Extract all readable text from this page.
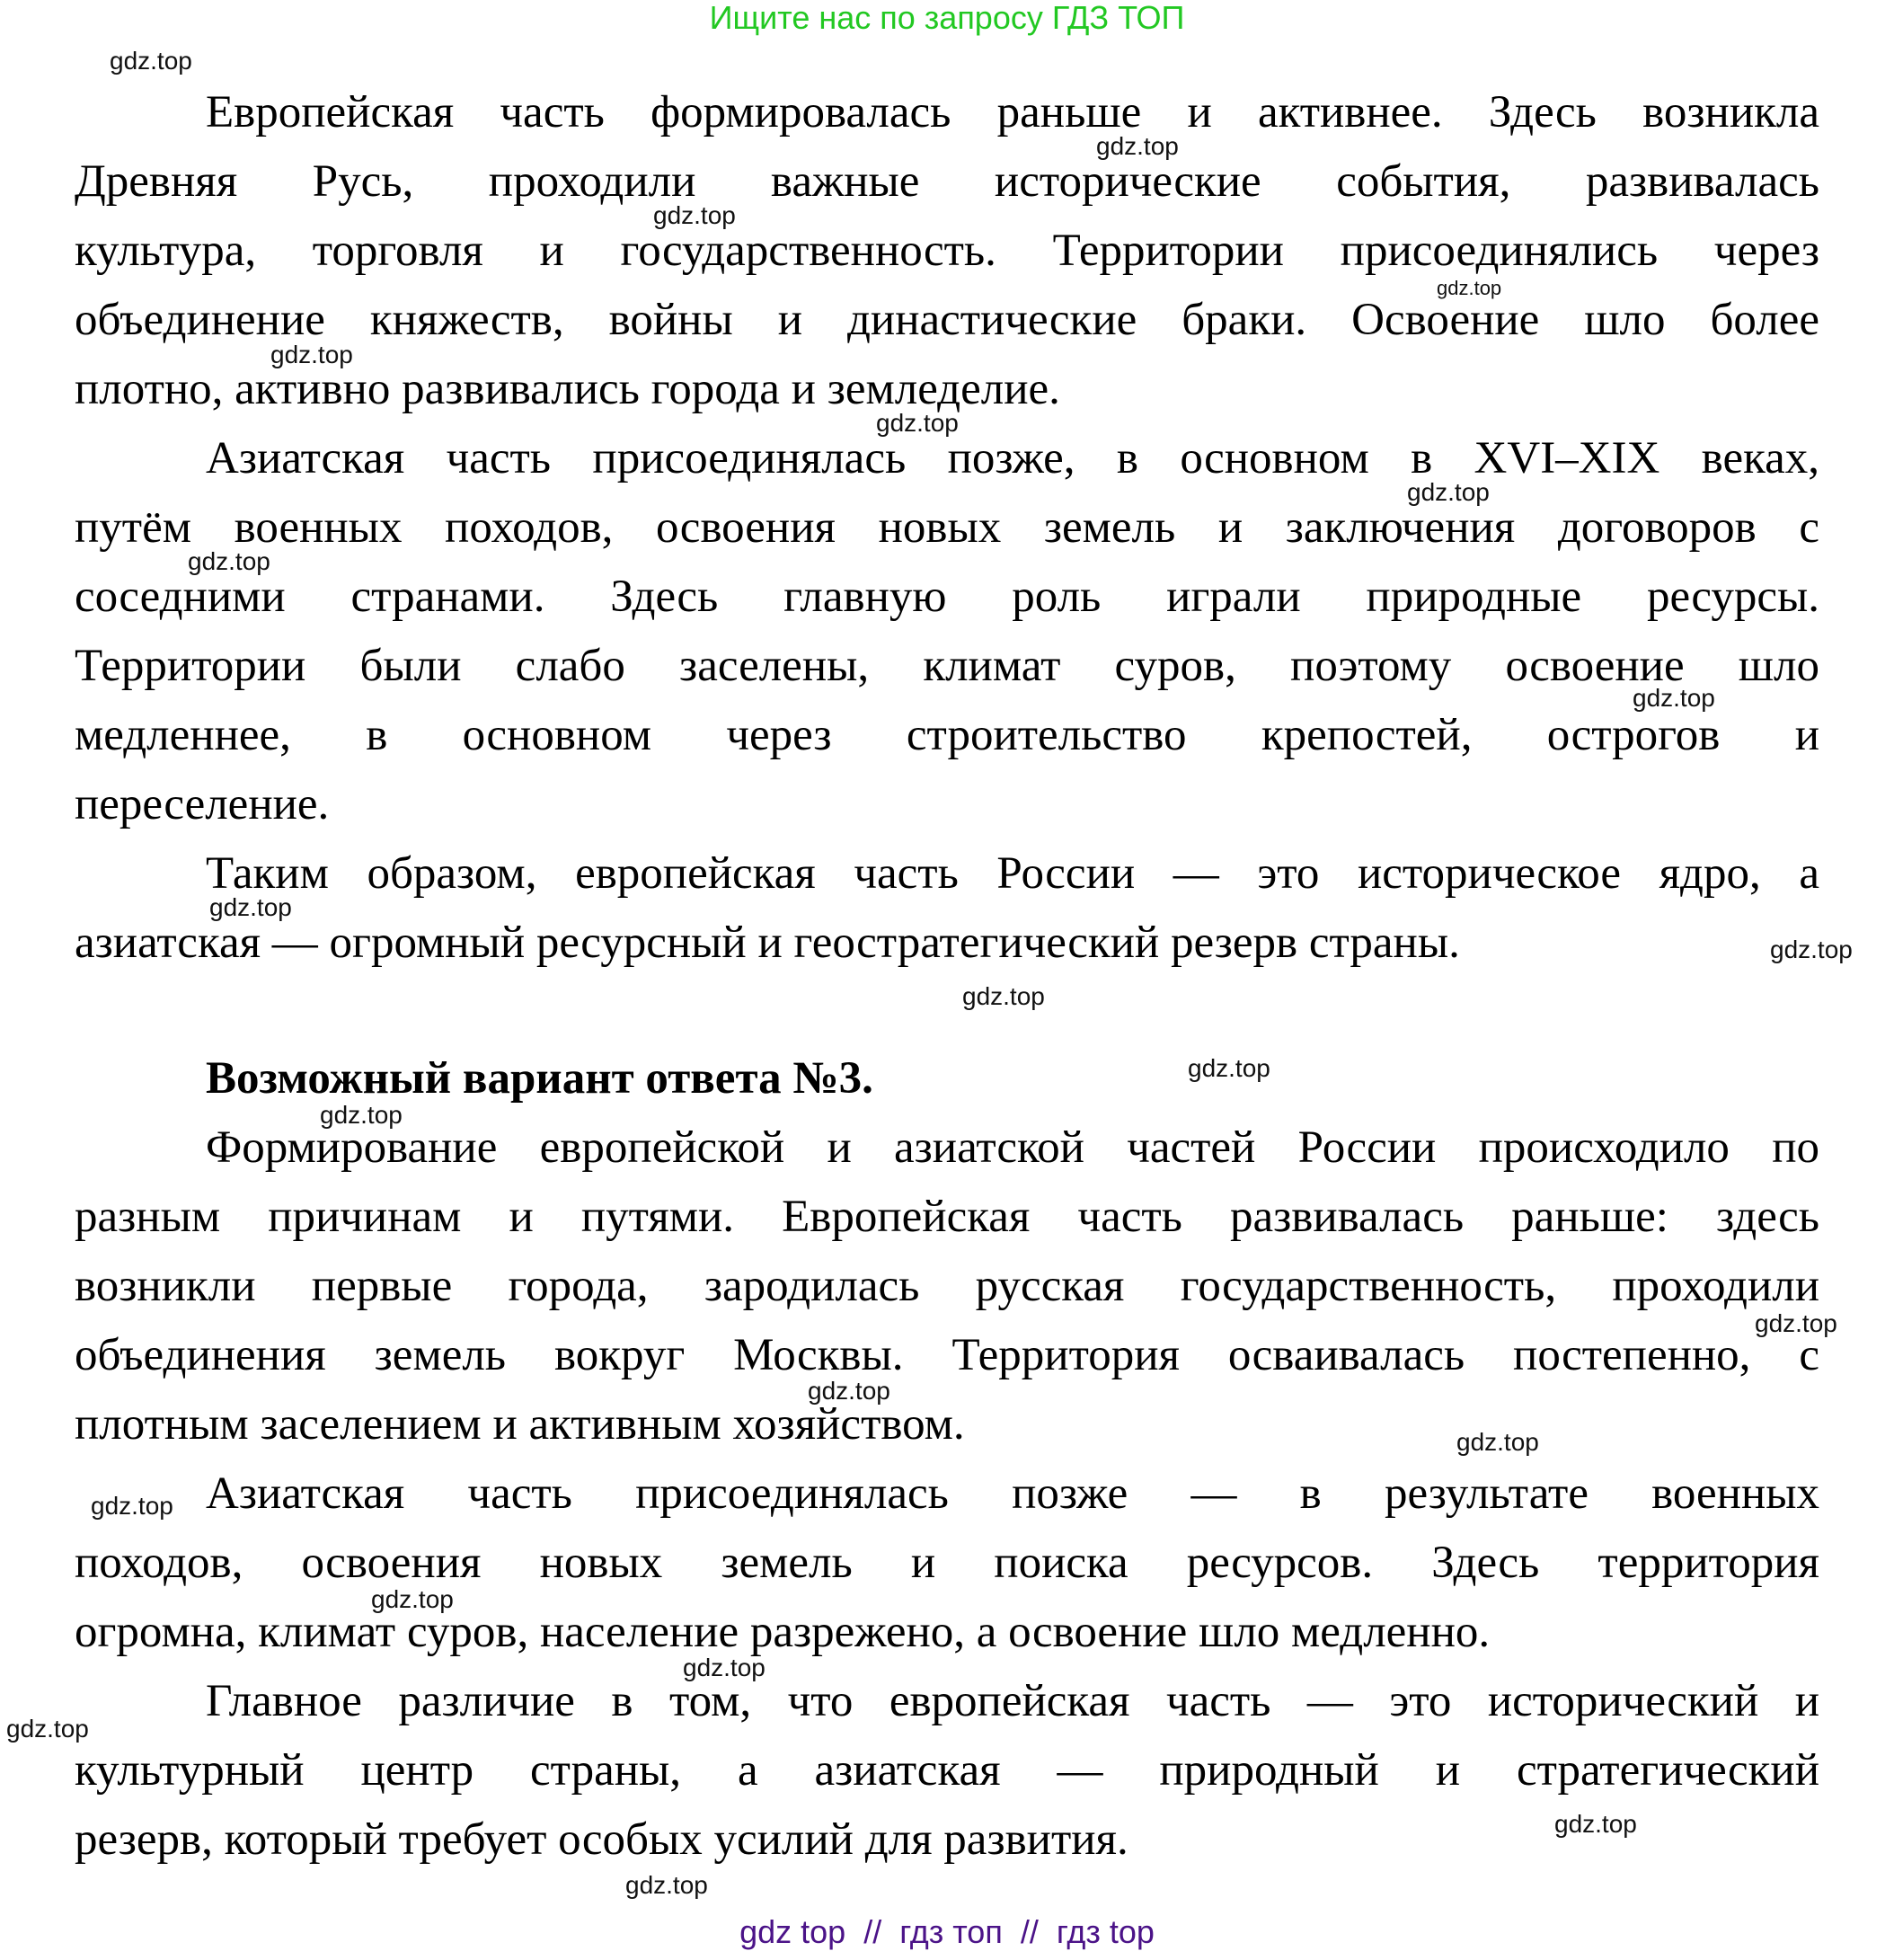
Ищите нас по запросу ГДЗ ТОП
Европейская часть формировалась раньше и активнее. Здесь возникла
Древняя Русь, проходили важные исторические события, развивалась
культура, торговля и государственность. Территории присоединялись через
объединение княжеств, войны и династические браки. Освоение шло более
плотно, активно развивались города и земледелие.
Азиатская часть присоединялась позже, в основном в XVI–XIX веках,
путём военных походов, освоения новых земель и заключения договоров с
соседними странами. Здесь главную роль играли природные ресурсы.
Территории были слабо заселены, климат суров, поэтому освоение шло
медленнее, в основном через строительство крепостей, острогов и
переселение.
Таким образом, европейская часть России — это историческое ядро, а
азиатская — огромный ресурсный и геостратегический резерв страны.
Возможный вариант ответа №3.
Формирование европейской и азиатской частей России происходило по
разным причинам и путями. Европейская часть развивалась раньше: здесь
возникли первые города, зародилась русская государственность, проходили
объединения земель вокруг Москвы. Территория осваивалась постепенно, с
плотным заселением и активным хозяйством.
Азиатская часть присоединялась позже — в результате военных
походов, освоения новых земель и поиска ресурсов. Здесь территория
огромна, климат суров, население разрежено, а освоение шло медленно.
Главное различие в том, что европейская часть — это исторический и
культурный центр страны, а азиатская — природный и стратегический
резерв, который требует особых усилий для развития.
gdz.top
gdz.top
gdz.top
gdz.top
gdz.top
gdz.top
gdz.top
gdz.top
gdz.top
gdz.top
gdz.top
gdz.top
gdz.top
gdz.top
gdz.top
gdz.top
gdz.top
gdz.top
gdz.top
gdz.top
gdz.top
gdz.top
gdz.top
gdz top  //  гдз топ  //  гдз top
